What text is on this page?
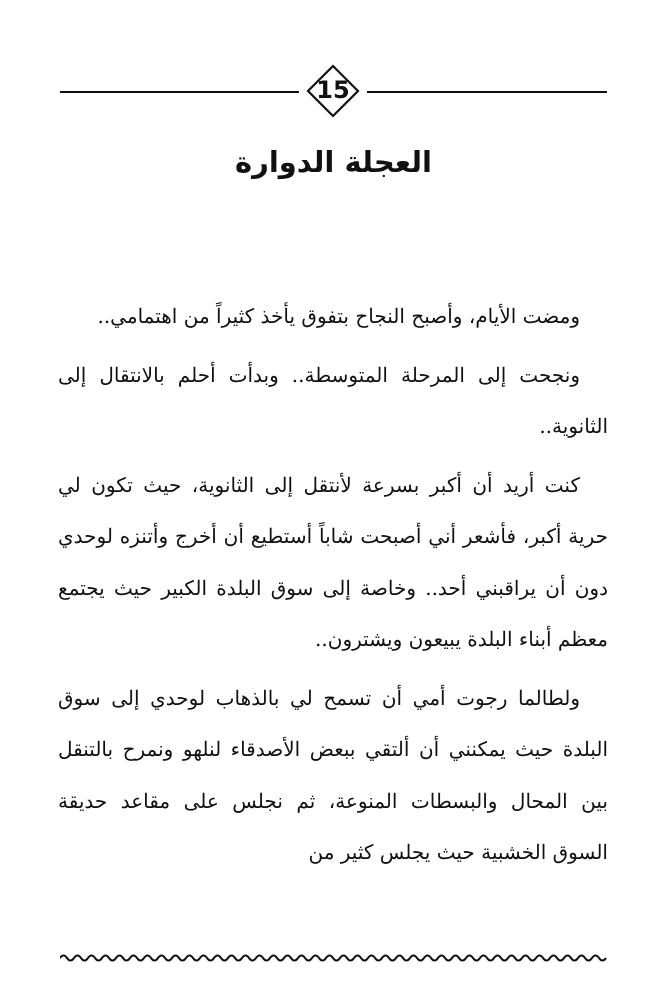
15
العجلة الدوارة

ومضت الأيام، وأصبح النجاح بتفوق يأخذ كثيراً من اهتمامي..

ونجحت إلى المرحلة المتوسطة.. وبدأت أحلم بالانتقال إلى الثانوية..

كنت أريد أن أكبر بسرعة لأنتقل إلى الثانوية، حيث تكون لي حرية أكبر، فأشعر أني أصبحت شاباً أستطيع أن أخرج وأتنزه لوحدي دون أن يراقبني أحد.. وخاصة إلى سوق البلدة الكبير حيث يجتمع معظم أبناء البلدة يبيعون ويشترون..

ولطالما رجوت أمي أن تسمح لي بالذهاب لوحدي إلى سوق البلدة حيث يمكنني أن ألتقي ببعض الأصدقاء لنلهو ونمرح بالتنقل بين المحال والبسطات المنوعة، ثم نجلس على مقاعد حديقة السوق الخشبية حيث يجلس كثير من
